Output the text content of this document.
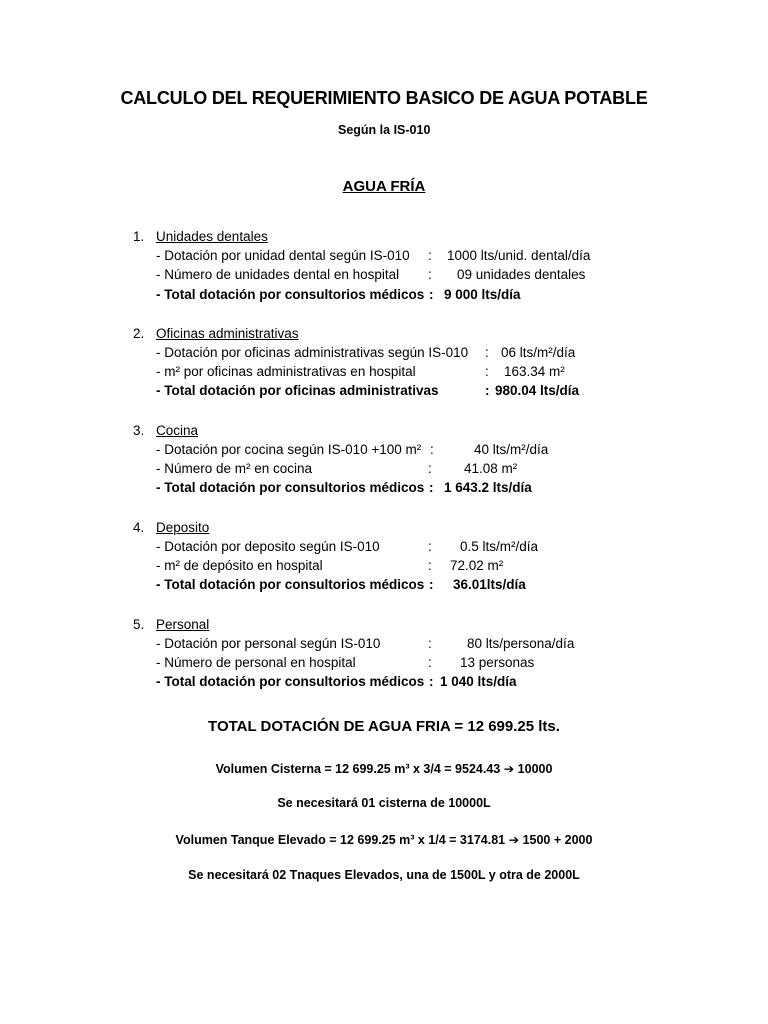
CALCULO DEL REQUERIMIENTO BASICO DE AGUA POTABLE
Según la IS-010
AGUA FRÍA
1. Unidades dentales
- Dotación por unidad dental según IS-010 : 1000 lts/unid. dental/día
- Número de unidades dental en hospital : 09 unidades dentales
- Total dotación por consultorios médicos : 9 000 lts/día
2. Oficinas administrativas
- Dotación por oficinas administrativas según IS-010 : 06 lts/m²/día
- m² por oficinas administrativas en hospital	: 163.34 m²
- Total dotación por oficinas administrativas	: 980.04 lts/día
3. Cocina
- Dotación por cocina según IS-010 +100 m² :	40 lts/m²/día
- Número de m² en cocina	: 41.08 m²
- Total dotación por consultorios médicos : 1 643.2 lts/día
4. Deposito
- Dotación por deposito según IS-010	: 0.5 lts/m²/día
- m² de depósito en hospital	: 72.02 m²
- Total dotación por consultorios médicos : 36.01lts/día
5. Personal
- Dotación por personal según IS-010	:	80 lts/persona/día
- Número de personal en hospital	: 13 personas
- Total dotación por consultorios médicos : 1 040 lts/día
TOTAL DOTACIÓN DE AGUA FRIA = 12 699.25 lts.
Volumen Cisterna = 12 699.25 m³ x 3/4 = 9524.43 ➔ 10000
Se necesitará 01 cisterna de 10000L
Volumen Tanque Elevado = 12 699.25 m³ x 1/4 = 3174.81 ➔ 1500 + 2000
Se necesitará 02 Tnaques Elevados, una de 1500L y otra de 2000L
